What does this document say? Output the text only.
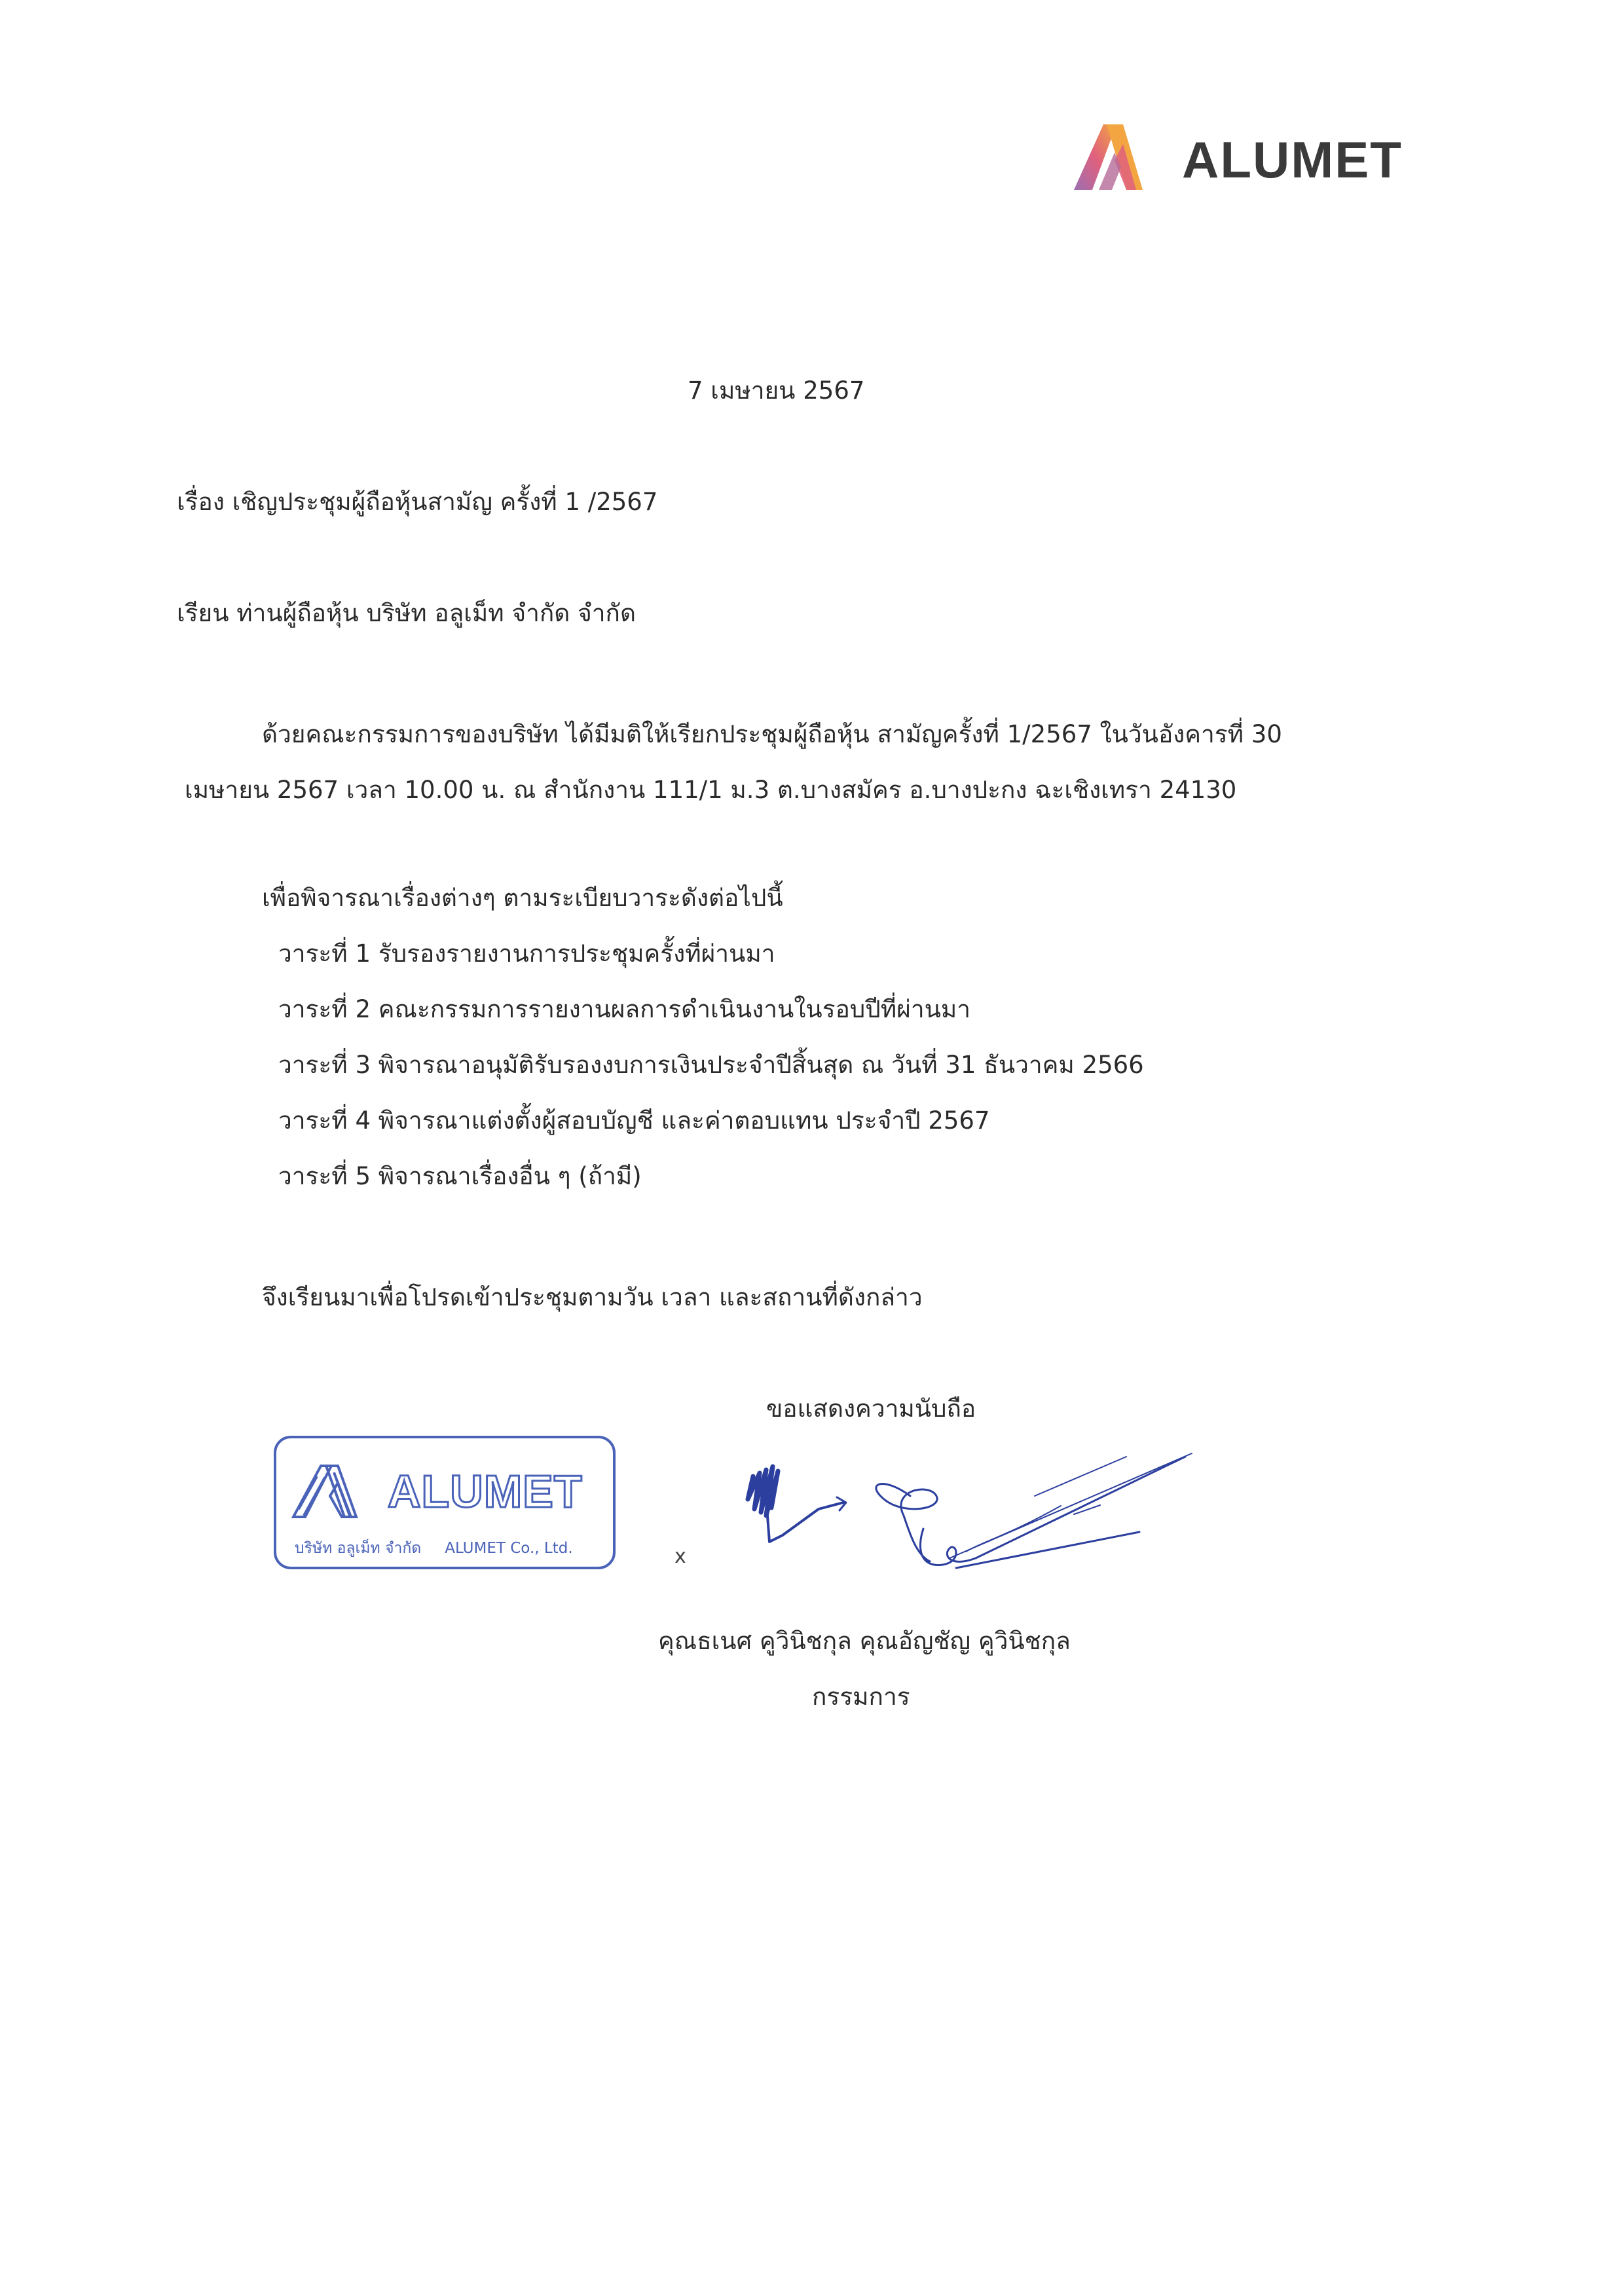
ALUMET
7 เมษายน 2567
เรื่อง เชิญประชุมผู้ถือหุ้นสามัญ ครั้งที่ 1 /2567
เรียน ท่านผู้ถือหุ้น บริษัท อลูเม็ท จำกัด จำกัด
ด้วยคณะกรรมการของบริษัท ได้มีมติให้เรียกประชุมผู้ถือหุ้น สามัญครั้งที่ 1/2567 ในวันอังคารที่ 30
เมษายน 2567 เวลา 10.00 น. ณ สำนักงาน 111/1 ม.3 ต.บางสมัคร อ.บางปะกง ฉะเชิงเทรา 24130
เพื่อพิจารณาเรื่องต่างๆ ตามระเบียบวาระดังต่อไปนี้
วาระที่ 1 รับรองรายงานการประชุมครั้งที่ผ่านมา
วาระที่ 2 คณะกรรมการรายงานผลการดำเนินงานในรอบปีที่ผ่านมา
วาระที่ 3 พิจารณาอนุมัติรับรองงบการเงินประจำปีสิ้นสุด ณ วันที่ 31 ธันวาคม 2566
วาระที่ 4 พิจารณาแต่งตั้งผู้สอบบัญชี และค่าตอบแทน ประจำปี 2567
วาระที่ 5 พิจารณาเรื่องอื่น ๆ (ถ้ามี)
จึงเรียนมาเพื่อโปรดเข้าประชุมตามวัน เวลา และสถานที่ดังกล่าว
ขอแสดงความนับถือ
ALUMET
บริษัท อลูเม็ท จำกัด ALUMET Co., Ltd.	x
คุณธเนศ คูวินิชกุล คุณอัญชัญ คูวินิชกุล
กรรมการ
